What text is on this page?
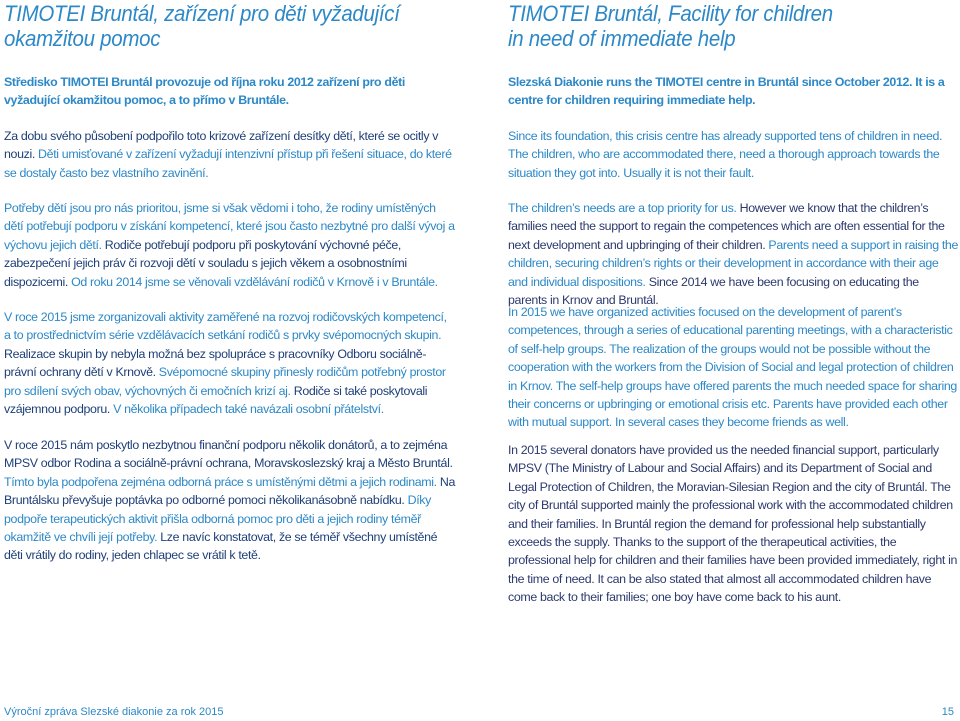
TIMOTEI Bruntál, zařízení pro děti vyžadující
okamžitou pomoc

Středisko TIMOTEI Bruntál provozuje od října roku 2012 zařízení pro děti vyžadující okamžitou pomoc, a to přímo v Bruntále.

Za dobu svého působení podpořilo toto krizové zařízení desítky dětí, které se ocitly v nouzi. Děti umisťované v zařízení vyžadují intenzivní přístup při řešení situace, do které se dostaly často bez vlastního zavinění.

Potřeby dětí jsou pro nás prioritou, jsme si však vědomi i toho, že rodiny umístěných dětí potřebují podporu v získání kompetencí, které jsou často nezbytné pro další vývoj a výchovu jejich dětí. Rodiče potřebují podporu při poskytování výchovné péče, zabezpečení jejich práv či rozvoji dětí v souladu s jejich věkem a osobnostními dispozicemi. Od roku 2014 jsme se věnovali vzdělávání rodičů v Krnově i v Bruntále.

V roce 2015 jsme zorganizovali aktivity zaměřené na rozvoj rodičovských kompetencí, a to prostřednictvím série vzdělávacích setkání rodičů s prvky svépomocných skupin. Realizace skupin by nebyla možná bez spolupráce s pracovníky Odboru sociálně-právní ochrany dětí v Krnově. Svépomocné skupiny přinesly rodičům potřebný prostor pro sdílení svých obav, výchovných či emočních krizí aj. Rodiče si také poskytovali vzájemnou podporu. V několika případech také navázali osobní přátelství.

V roce 2015 nám poskytlo nezbytnou finanční podporu několik donátorů, a to zejména MPSV odbor Rodina a sociálně-právní ochrana, Moravskoslezský kraj a Město Bruntál. Tímto byla podpořena zejména odborná práce s umístěnými dětmi a jejich rodinami. Na Bruntálsku převyšuje poptávka po odborné pomoci několikanásobně nabídku. Díky podpoře terapeutických aktivit přišla odborná pomoc pro děti a jejich rodiny téměř okamžitě ve chvíli její potřeby. Lze navíc konstatovat, že se téměř všechny umístěné děti vrátily do rodiny, jeden chlapec se vrátil k tetě.

TIMOTEI Bruntál, Facility for children
in need of immediate help

Slezská Diakonie runs the TIMOTEI centre in Bruntál since October 2012. It is a centre for children requiring immediate help.

Since its foundation, this crisis centre has already supported tens of children in need. The children, who are accommodated there, need a thorough approach towards the situation they got into. Usually it is not their fault.

The children’s needs are a top priority for us. However we know that the children’s families need the support to regain the competences which are often essential for the next development and upbringing of their children. Parents need a support in raising the children, securing children’s rights or their development in accordance with their age and individual dispositions. Since 2014 we have been focusing on educating the parents in Krnov and Bruntál.

In 2015 we have organized activities focused on the development of parent’s competences, through a series of educational parenting meetings, with a characteristic of self-help groups. The realization of the groups would not be possible without the cooperation with the workers from the Division of Social and legal protection of children in Krnov. The self-help groups have offered parents the much needed space for sharing their concerns or upbringing or emotional crisis etc. Parents have provided each other with mutual support. In several cases they become friends as well.

In 2015 several donators have provided us the needed financial support, particularly MPSV (The Ministry of Labour and Social Affairs) and its Department of Social and Legal Protection of Children, the Moravian-Silesian Region and the city of Bruntál. The city of Bruntál supported mainly the professional work with the accommodated children and their families. In Bruntál region the demand for professional help substantially exceeds the supply. Thanks to the support of the therapeutical activities, the professional help for children and their families have been provided immediately, right in the time of need. It can be also stated that almost all accommodated children have come back to their families; one boy have come back to his aunt.

Výroční zpráva Slezské diakonie za rok 2015	15
